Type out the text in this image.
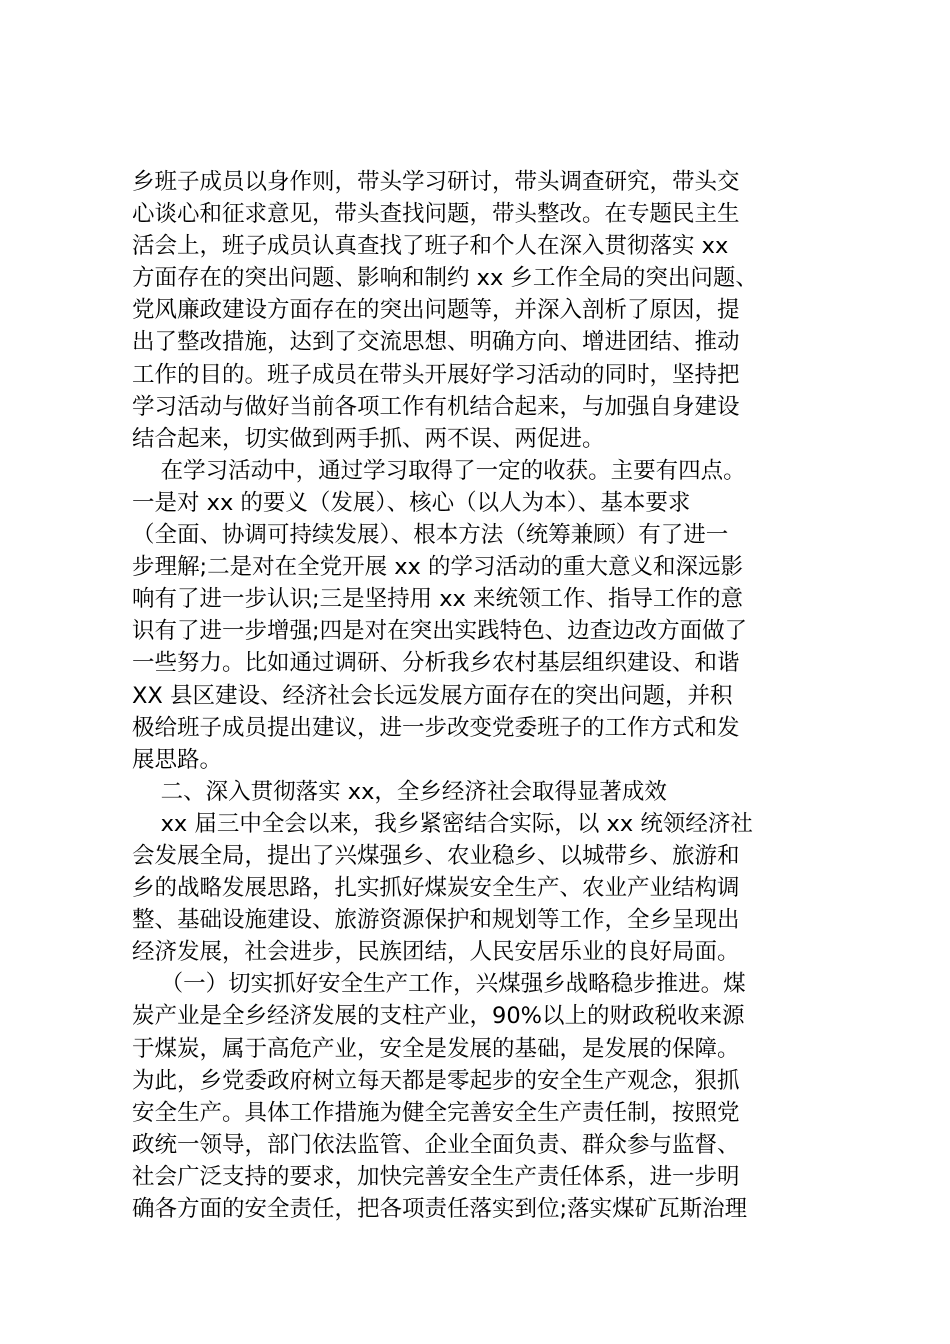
乡班子成员以身作则，带头学习研讨，带头调查研究，带头交
心谈心和征求意见，带头查找问题，带头整改。在专题民主生
活会上，班子成员认真查找了班子和个人在深入贯彻落实 xx
方面存在的突出问题、影响和制约 xx 乡工作全局的突出问题、
党风廉政建设方面存在的突出问题等，并深入剖析了原因，提
出了整改措施，达到了交流思想、明确方向、增进团结、推动
工作的目的。班子成员在带头开展好学习活动的同时，坚持把
学习活动与做好当前各项工作有机结合起来，与加强自身建设
结合起来，切实做到两手抓、两不误、两促进。
在学习活动中，通过学习取得了一定的收获。主要有四点。
一是对 xx 的要义（发展）、核心（以人为本）、基本要求
（全面、协调可持续发展）、根本方法（统筹兼顾）有了进一
步理解;二是对在全党开展 xx 的学习活动的重大意义和深远影
响有了进一步认识;三是坚持用 xx 来统领工作、指导工作的意
识有了进一步增强;四是对在突出实践特色、边查边改方面做了
一些努力。比如通过调研、分析我乡农村基层组织建设、和谐
XX 县区建设、经济社会长远发展方面存在的突出问题，并积
极给班子成员提出建议，进一步改变党委班子的工作方式和发
展思路。
二、深入贯彻落实 xx，全乡经济社会取得显著成效
xx 届三中全会以来，我乡紧密结合实际，以 xx 统领经济社
会发展全局，提出了兴煤强乡、农业稳乡、以城带乡、旅游和
乡的战略发展思路，扎实抓好煤炭安全生产、农业产业结构调
整、基础设施建设、旅游资源保护和规划等工作，全乡呈现出
经济发展，社会进步，民族团结，人民安居乐业的良好局面。
（一）切实抓好安全生产工作，兴煤强乡战略稳步推进。煤
炭产业是全乡经济发展的支柱产业，90%以上的财政税收来源
于煤炭，属于高危产业，安全是发展的基础，是发展的保障。
为此，乡党委政府树立每天都是零起步的安全生产观念，狠抓
安全生产。具体工作措施为健全完善安全生产责任制，按照党
政统一领导，部门依法监管、企业全面负责、群众参与监督、
社会广泛支持的要求，加快完善安全生产责任体系，进一步明
确各方面的安全责任，把各项责任落实到位;落实煤矿瓦斯治理
